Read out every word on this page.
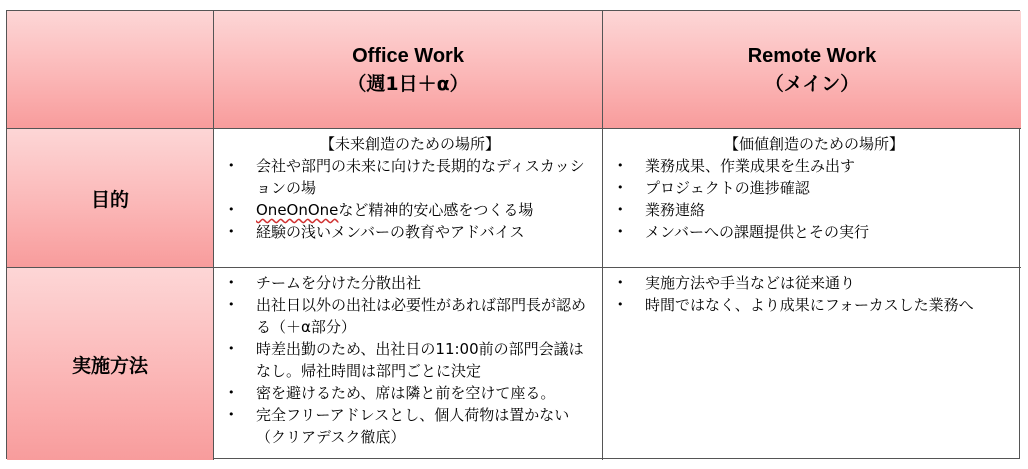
Office Work
（週1日＋α）
Remote Work
（メイン）
目的
【未来創造のための場所】
• 会社や部門の未来に向けた長期的なディスカッションの場
• OneOnOneなど精神的安心感をつくる場
• 経験の浅いメンバーの教育やアドバイス
【価値創造のための場所】
• 業務成果、作業成果を生み出す
• プロジェクトの進捗確認
• 業務連絡
• メンバーへの課題提供とその実行
実施方法
• チームを分けた分散出社
• 出社日以外の出社は必要性があれば部門長が認める（＋α部分）
• 時差出勤のため、出社日の11:00前の部門会議はなし。帰社時間は部門ごとに決定
• 密を避けるため、席は隣と前を空けて座る。
• 完全フリーアドレスとし、個人荷物は置かない（クリアデスク徹底）
• 実施方法や手当などは従来通り
• 時間ではなく、より成果にフォーカスした業務へ
